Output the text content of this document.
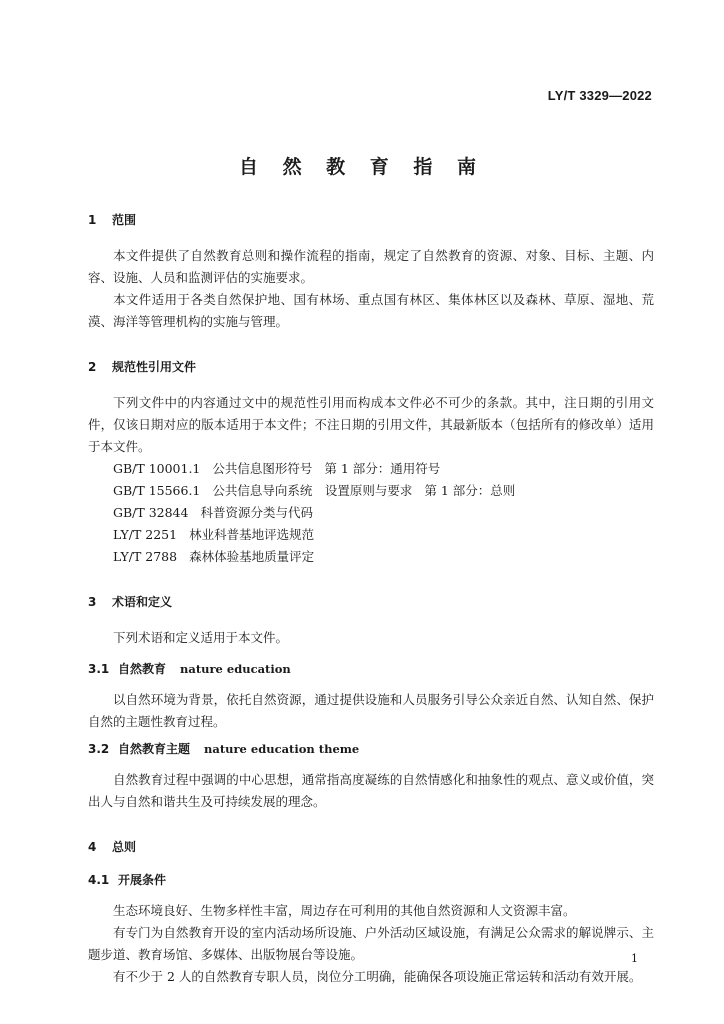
LY/T 3329—2022
自 然 教 育 指 南
1 范围

本文件提供了自然教育总则和操作流程的指南，规定了自然教育的资源、对象、目标、主题、内容、设施、人员和监测评估的实施要求。

本文件适用于各类自然保护地、国有林场、重点国有林区、集体林区以及森林、草原、湿地、荒漠、海洋等管理机构的实施与管理。

2 规范性引用文件

下列文件中的内容通过文中的规范性引用而构成本文件必不可少的条款。其中，注日期的引用文件，仅该日期对应的版本适用于本文件；不注日期的引用文件，其最新版本（包括所有的修改单）适用于本文件。

GB/T 10001.1 公共信息图形符号 第 1 部分：通用符号
GB/T 15566.1 公共信息导向系统　设置原则与要求 第 1 部分：总则
GB/T 32844 科普资源分类与代码
LY/T 2251 林业科普基地评选规范
LY/T 2788 森林体验基地质量评定
3 术语和定义

下列术语和定义适用于本文件。

3.1 自然教育 nature education

以自然环境为背景，依托自然资源，通过提供设施和人员服务引导公众亲近自然、认知自然、保护自然的主题性教育过程。

3.2 自然教育主题 nature education theme

自然教育过程中强调的中心思想，通常指高度凝练的自然情感化和抽象性的观点、意义或价值，突出人与自然和谐共生及可持续发展的理念。

4 总则
4.1 开展条件

生态环境良好、生物多样性丰富，周边存在可利用的其他自然资源和人文资源丰富。

有专门为自然教育开设的室内活动场所设施、户外活动区域设施，有满足公众需求的解说牌示、主题步道、教育场馆、多媒体、出版物展台等设施。

有不少于 2 人的自然教育专职人员，岗位分工明确，能确保各项设施正常运转和活动有效开展。

1
